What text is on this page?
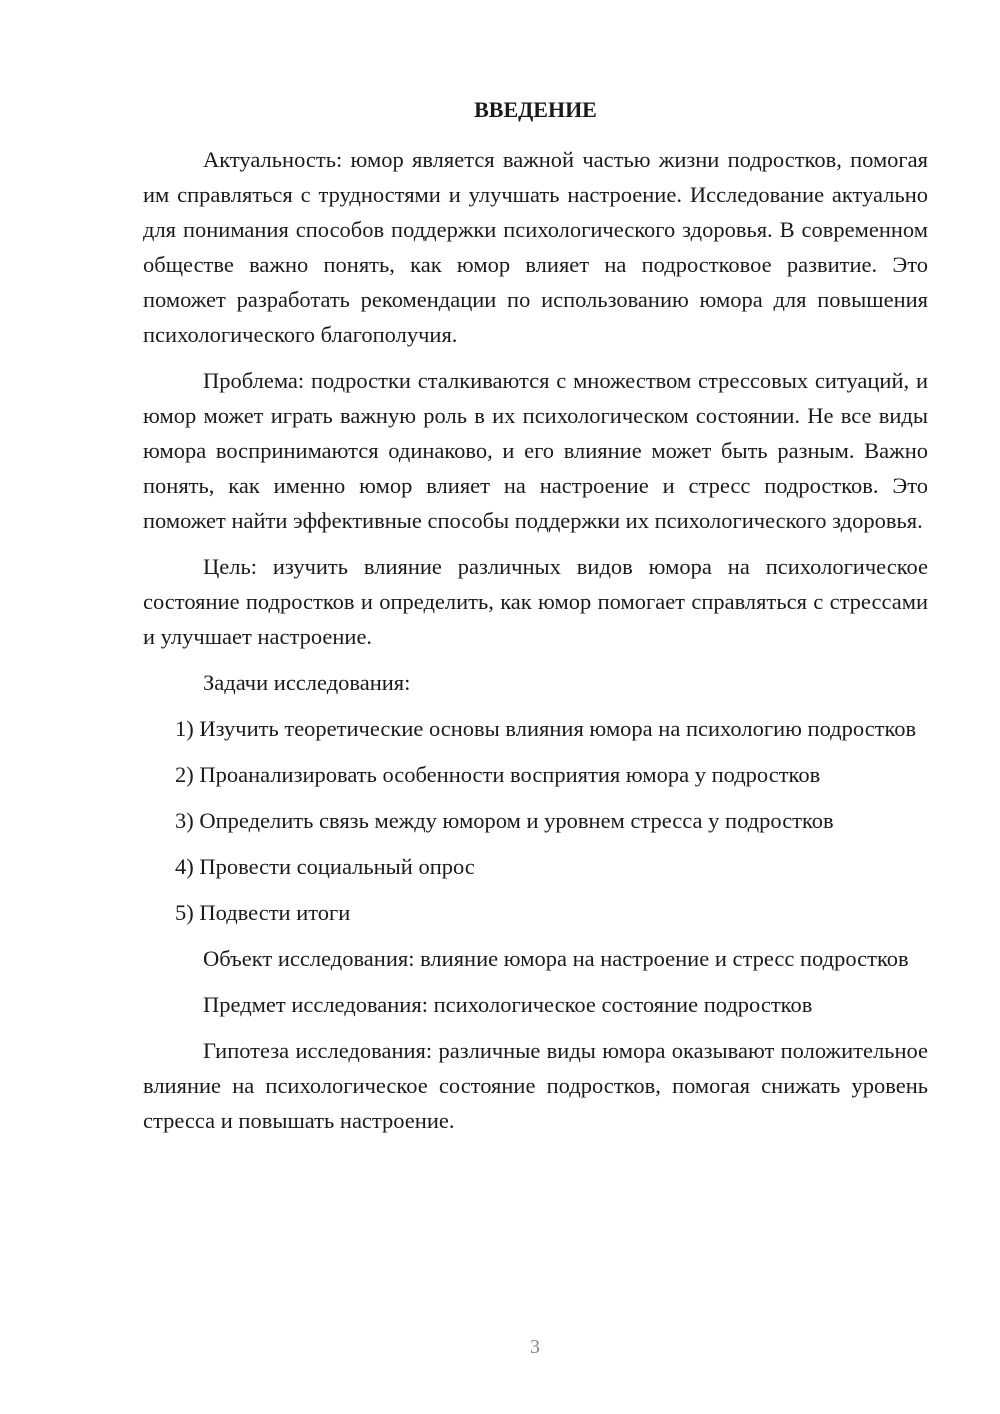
ВВЕДЕНИЕ

Актуальность: юмор является важной частью жизни подростков, помогая им справляться с трудностями и улучшать настроение. Исследование актуально для понимания способов поддержки психологического здоровья. В современном обществе важно понять, как юмор влияет на подростковое развитие. Это поможет разработать рекомендации по использованию юмора для повышения психологического благополучия.

Проблема: подростки сталкиваются с множеством стрессовых ситуаций, и юмор может играть важную роль в их психологическом состоянии. Не все виды юмора воспринимаются одинаково, и его влияние может быть разным. Важно понять, как именно юмор влияет на настроение и стресс подростков. Это поможет найти эффективные способы поддержки их психологического здоровья.

Цель: изучить влияние различных видов юмора на психологическое состояние подростков и определить, как юмор помогает справляться с стрессами и улучшает настроение.

Задачи исследования:

1) Изучить теоретические основы влияния юмора на психологию подростков

2) Проанализировать особенности восприятия юмора у подростков

3) Определить связь между юмором и уровнем стресса у подростков

4) Провести социальный опрос

5) Подвести итоги

Объект исследования: влияние юмора на настроение и стресс подростков

Предмет исследования: психологическое состояние подростков

Гипотеза исследования: различные виды юмора оказывают положительное влияние на психологическое состояние подростков, помогая снижать уровень стресса и повышать настроение.

3
